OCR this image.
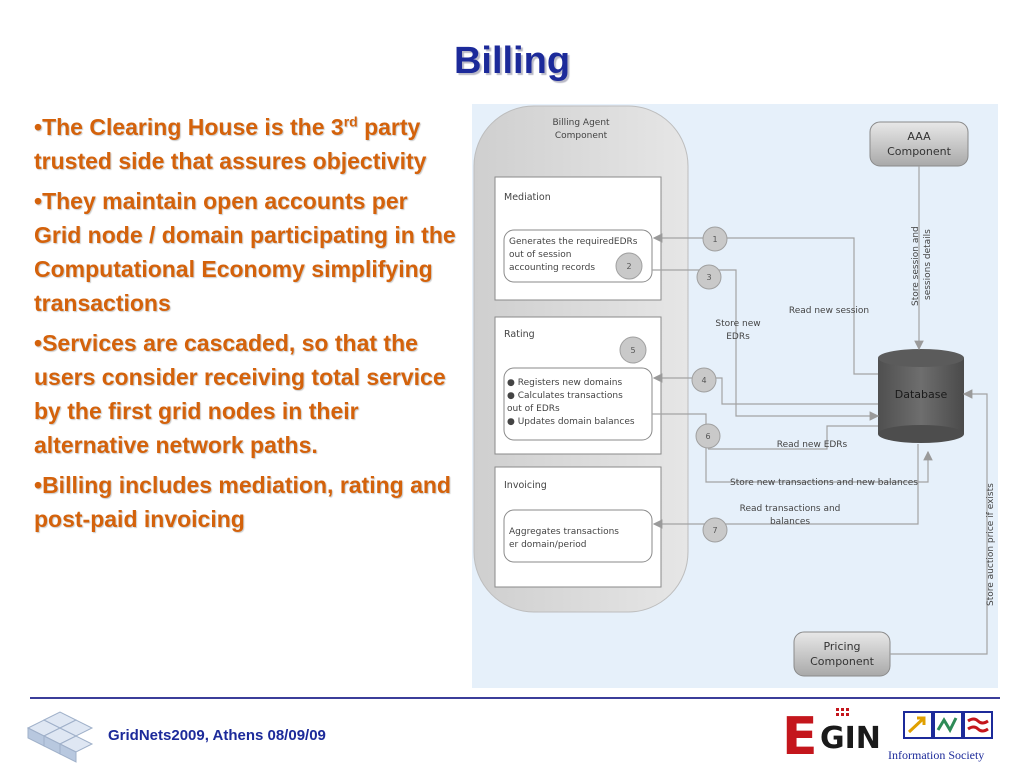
Billing
•The Clearing House is the 3rd party trusted side that assures objectivity
•They maintain open accounts per Grid node / domain participating in the Computational Economy simplifying transactions
•Services are cascaded, so that the users consider receiving total service by the first grid nodes in their alternative network paths.
•Billing includes mediation, rating and post-paid invoicing
Billing Agent
Component
Mediation
Generates the requiredEDRs
out of session
accounting records
Rating
● Registers new domains
● Calculates transactions
out of EDRs
● Updates domain balances
Invoicing
Aggregates transactions
er domain/period
AAA
Component
Pricing
Component
Database
1
2
3
4
5
6
7
Read new session
Store new
EDRs
Read new EDRs
Store new transactions and new balances
Read transactions and
balances
Store session and sessions details
Store auction price if exists
GridNets2009, Athens 08/09/09	E GIN Information Society
